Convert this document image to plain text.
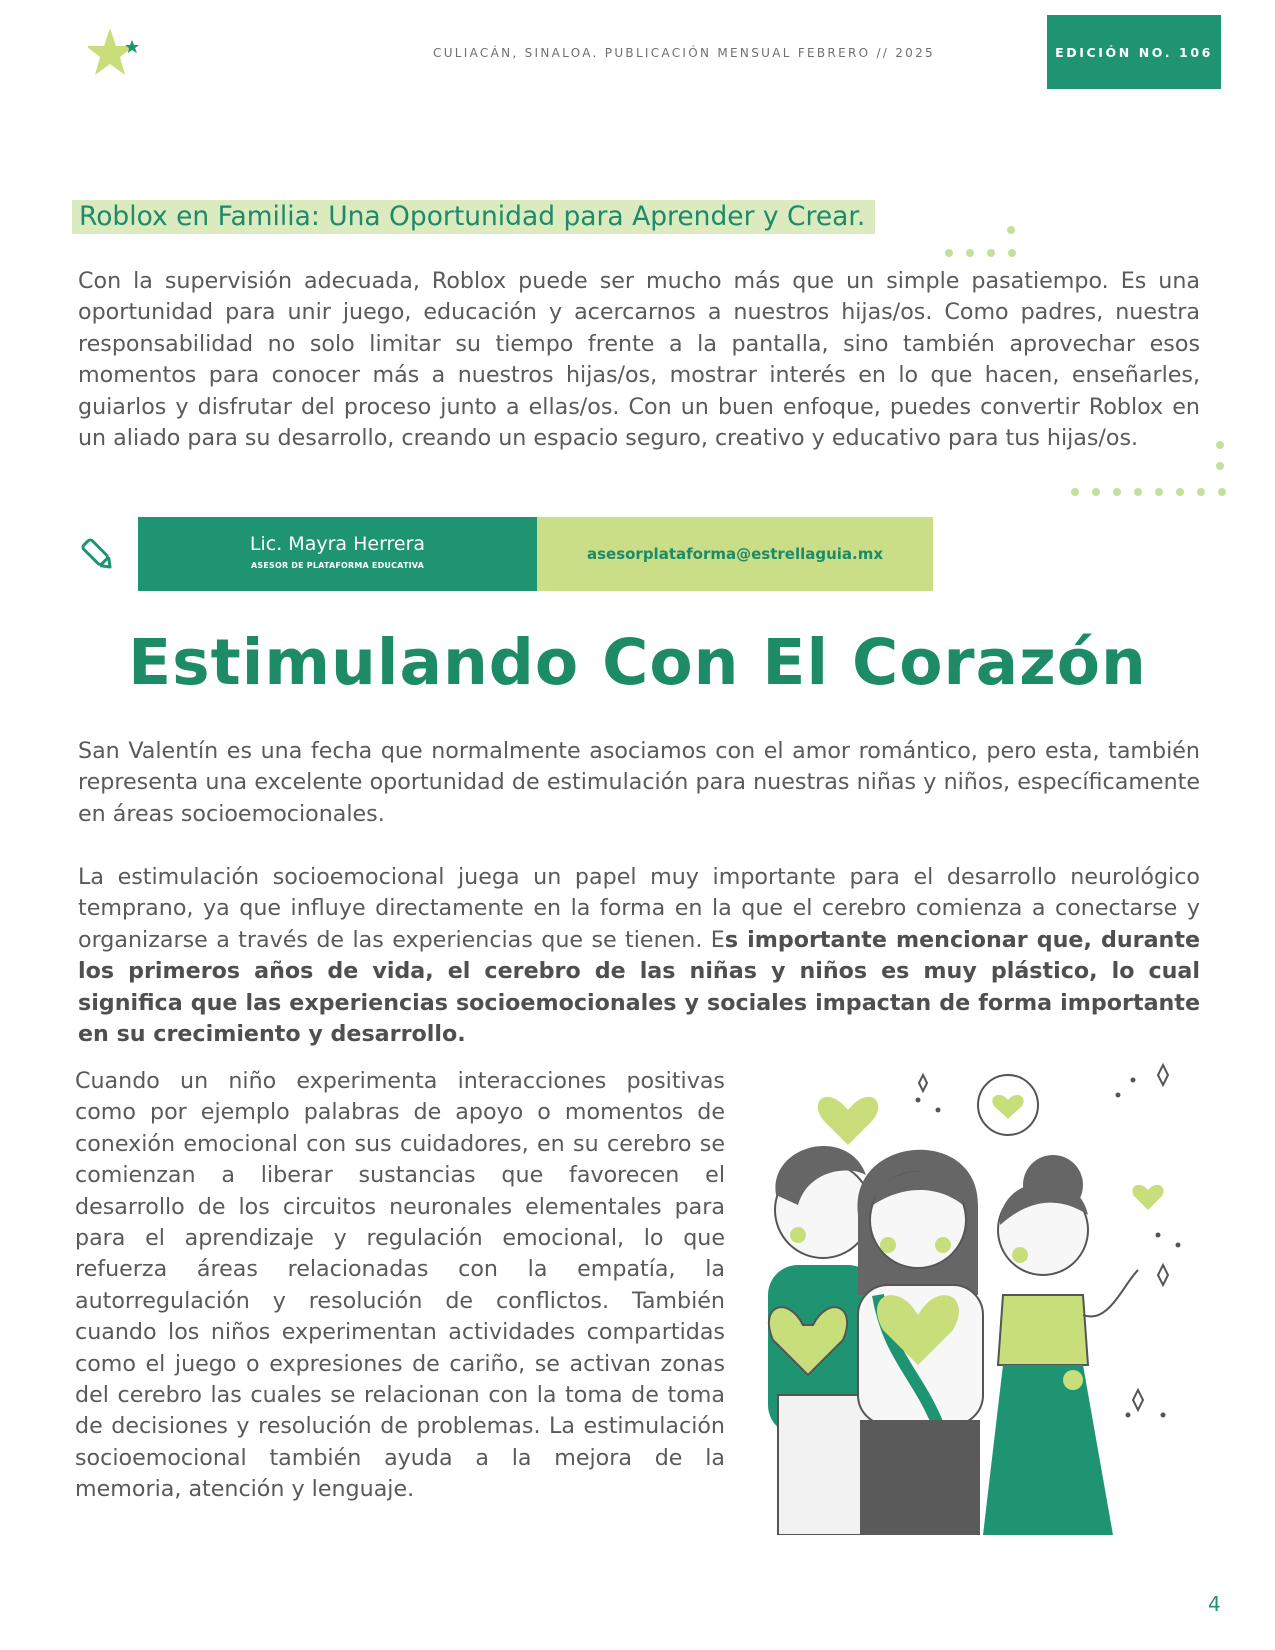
CULIACÁN, SINALOA. PUBLICACIÓN MENSUAL FEBRERO // 2025	EDICIÓN NO. 106
Roblox en Familia: Una Oportunidad para Aprender y Crear.

Con la supervisión adecuada, Roblox puede ser mucho más que un simple pasatiempo. Es una oportunidad para unir juego, educación y acercarnos a nuestros hijas/os. Como padres, nuestra responsabilidad no solo limitar su tiempo frente a la pantalla, sino también aprovechar esos momentos para conocer más a nuestros hijas/os, mostrar interés en lo que hacen, enseñarles, guiarlos y disfrutar del proceso junto a ellas/os. Con un buen enfoque, puedes convertir Roblox en un aliado para su desarrollo, creando un espacio seguro, creativo y educativo para tus hijas/os.

Lic. Mayra Herrera
ASESOR DE PLATAFORMA EDUCATIVA
asesorplataforma@estrellaguia.mx
Estimulando Con El Corazón

San Valentín es una fecha que normalmente asociamos con el amor romántico, pero esta, también representa una excelente oportunidad de estimulación para nuestras niñas y niños, específicamente en áreas socioemocionales.

La estimulación socioemocional juega un papel muy importante para el desarrollo neurológico temprano, ya que influye directamente en la forma en la que el cerebro comienza a conectarse y organizarse a través de las experiencias que se tienen. Es importante mencionar que, durante los primeros años de vida, el cerebro de las niñas y niños es muy plástico, lo cual significa que las experiencias socioemocionales y sociales impactan de forma importante en su crecimiento y desarrollo.

Cuando un niño experimenta interacciones positivas como por ejemplo palabras de apoyo o momentos de conexión emocional con sus cuidadores, en su cerebro se comienzan a liberar sustancias que favorecen el desarrollo de los circuitos neuronales elementales para para el aprendizaje y regulación emocional, lo que refuerza áreas relacionadas con la empatía, la autorregulación y resolución de conflictos. También cuando los niños experimentan actividades compartidas como el juego o expresiones de cariño, se activan zonas del cerebro las cuales se relacionan con la toma de toma de decisiones y resolución de problemas. La estimulación socioemocional también ayuda a la mejora de la memoria, atención y lenguaje.

4
